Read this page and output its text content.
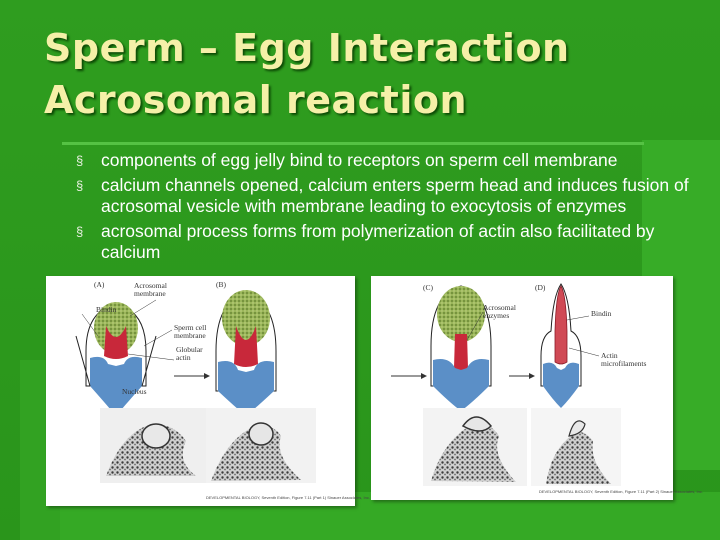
Sperm – Egg Interaction
Acrosomal reaction
§ components of egg jelly bind to receptors on sperm cell membrane
§ calcium channels opened, calcium enters sperm head and induces fusion of acrosomal vesicle with membrane leading to exocytosis of enzymes
§ acrosomal process forms from polymerization of actin also facilitated by calcium
(A)	(B)
Acrosomal membrane
Bindin
Sperm cell membrane
Globular actin
Nucleus
DEVELOPMENTAL BIOLOGY, Seventh Edition, Figure 7.11 (Part 1) Sinauer Associates, Inc.
(C)	(D)
Acrosomal enzymes	Bindin
Actin microfilaments
DEVELOPMENTAL BIOLOGY, Seventh Edition, Figure 7.11 (Part 2) Sinauer Associates, Inc.
